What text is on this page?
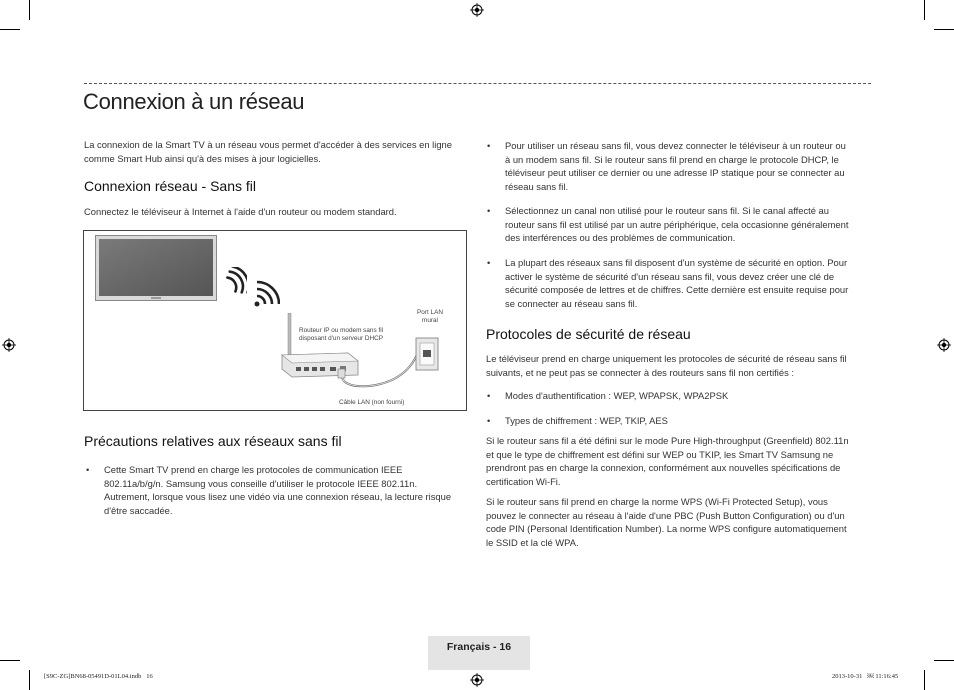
Connexion à un réseau
La connexion de la Smart TV à un réseau vous permet d'accéder à des services en ligne comme Smart Hub ainsi qu'à des mises à jour logicielles.
Connexion réseau - Sans fil
Connectez le téléviseur à Internet à l'aide d'un routeur ou modem standard.
Routeur IP ou modem sans fil
disposant d'un serveur DHCP
Port LAN
mural
Câble LAN (non fourni)
Précautions relatives aux réseaux sans fil
• Cette Smart TV prend en charge les protocoles de communication IEEE
802.11a/b/g/n. Samsung vous conseille d'utiliser le protocole IEEE 802.11n.
Autrement, lorsque vous lisez une vidéo via une connexion réseau, la lecture risque
d'être saccadée.
• Pour utiliser un réseau sans fil, vous devez connecter le téléviseur à un routeur ou
à un modem sans fil. Si le routeur sans fil prend en charge le protocole DHCP, le
téléviseur peut utiliser ce dernier ou une adresse IP statique pour se connecter au
réseau sans fil.
• Sélectionnez un canal non utilisé pour le routeur sans fil. Si le canal affecté au
routeur sans fil est utilisé par un autre périphérique, cela occasionne généralement
des interférences ou des problèmes de communication.
• La plupart des réseaux sans fil disposent d'un système de sécurité en option. Pour
activer le système de sécurité d'un réseau sans fil, vous devez créer une clé de
sécurité composée de lettres et de chiffres. Cette dernière est ensuite requise pour
se connecter au réseau sans fil.
Protocoles de sécurité de réseau
Le téléviseur prend en charge uniquement les protocoles de sécurité de réseau sans fil
suivants, et ne peut pas se connecter à des routeurs sans fil non certifiés :
• Modes d'authentification : WEP, WPAPSK, WPA2PSK
• Types de chiffrement : WEP, TKIP, AES
Si le routeur sans fil a été défini sur le mode Pure High-throughput (Greenfield) 802.11n
et que le type de chiffrement est défini sur WEP ou TKIP, les Smart TV Samsung ne
prendront pas en charge la connexion, conformément aux nouvelles spécifications de
certification Wi-Fi.
Si le routeur sans fil prend en charge la norme WPS (Wi-Fi Protected Setup), vous
pouvez le connecter au réseau à l'aide d'une PBC (Push Button Configuration) ou d'un
code PIN (Personal Identification Number). La norme WPS configure automatiquement
le SSID et la clé WPA.
Français - 16
[S9C-ZG]BN68-05491D-01L04.indb   16	2013-10-31   ￼ 11:16:45
